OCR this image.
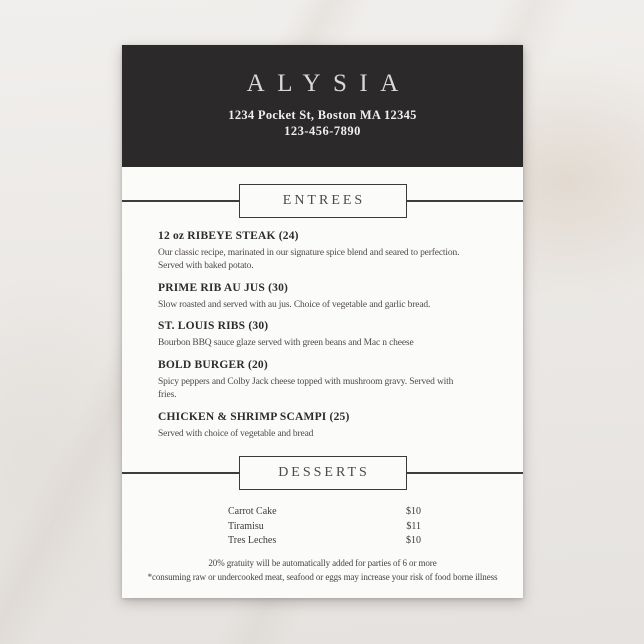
ALYSIA
1234 Pocket St, Boston MA 12345
123-456-7890
ENTREES
12 oz RIBEYE STEAK (24)
Our classic recipe, marinated in our signature spice blend and seared to perfection.
Served with baked potato.
PRIME RIB AU JUS (30)
Slow roasted and served with au jus. Choice of vegetable and garlic bread.
ST. LOUIS RIBS (30)
Bourbon BBQ sauce glaze served with green beans and Mac n cheese
BOLD BURGER (20)
Spicy peppers and Colby Jack cheese topped with mushroom gravy. Served with
fries.
CHICKEN & SHRIMP SCAMPI (25)
Served with choice of vegetable and bread
DESSERTS
Carrot Cake	$10
Tiramisu	$11
Tres Leches	$10
20% gratuity will be automatically added for parties of 6 or more
*consuming raw or undercooked meat, seafood or eggs may increase your risk of food borne illness
